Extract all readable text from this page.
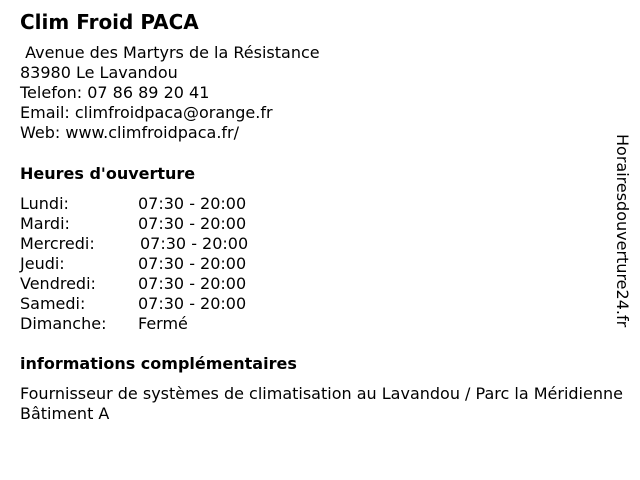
Clim Froid PACA
Avenue des Martyrs de la Résistance
83980 Le Lavandou
Telefon: 07 86 89 20 41
Email: climfroidpaca@orange.fr
Web: www.climfroidpaca.fr/
Heures d'ouverture
Lundi:	07:30 - 20:00
Mardi:	07:30 - 20:00
Mercredi:	07:30 - 20:00
Jeudi:	07:30 - 20:00
Vendredi:	07:30 - 20:00
Samedi:	07:30 - 20:00
Dimanche: Fermé
informations complémentaires
Fournisseur de systèmes de climatisation au Lavandou / Parc la Méridienne Bâtiment A
Horairesdouverture24.fr
